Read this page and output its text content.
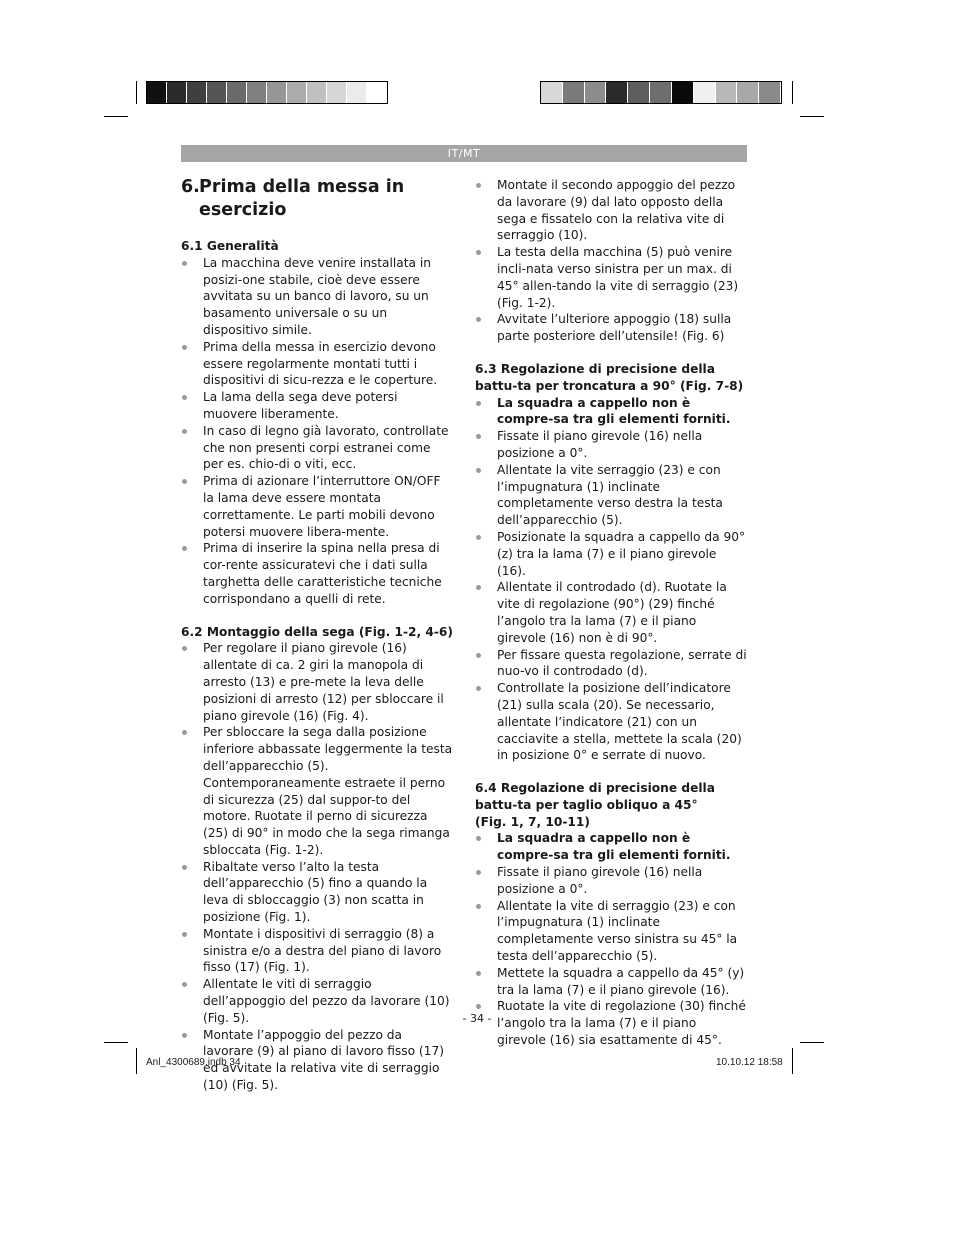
IT/MT
6. Prima della messa in esercizio
6.1 Generalità
La macchina deve venire installata in posizi-one stabile, cioè deve essere avvitata su un banco di lavoro, su un basamento universale o su un dispositivo simile.
Prima della messa in esercizio devono essere regolarmente montati tutti i dispositivi di sicu-rezza e le coperture.
La lama della sega deve potersi muovere liberamente.
In caso di legno già lavorato, controllate che non presenti corpi estranei come per es. chio-di o viti, ecc.
Prima di azionare l’interruttore ON/OFF la lama deve essere montata correttamente. Le parti mobili devono potersi muovere libera-mente.
Prima di inserire la spina nella presa di cor-rente assicuratevi che i dati sulla targhetta delle caratteristiche tecniche corrispondano a quelli di rete.
6.2 Montaggio della sega (Fig. 1-2, 4-6)
Per regolare il piano girevole (16) allentate di ca. 2 giri la manopola di arresto (13) e pre-mete la leva delle posizioni di arresto (12) per sbloccare il piano girevole (16) (Fig. 4).
Per sbloccare la sega dalla posizione inferiore abbassate leggermente la testa dell’apparecchio (5). Contemporaneamente estraete il perno di sicurezza (25) dal suppor-to del motore. Ruotate il perno di sicurezza (25) di 90° in modo che la sega rimanga sbloccata (Fig. 1-2).
Ribaltate verso l’alto la testa dell’apparecchio (5) fino a quando la leva di sbloccaggio (3) non scatta in posizione (Fig. 1).
Montate i dispositivi di serraggio (8) a sinistra e/o a destra del piano di lavoro fisso (17) (Fig. 1).
Allentate le viti di serraggio dell’appoggio del pezzo da lavorare (10) (Fig. 5).
Montate l’appoggio del pezzo da lavorare (9) al piano di lavoro fisso (17) ed avvitate la relativa vite di serraggio (10) (Fig. 5).
Montate il secondo appoggio del pezzo da lavorare (9) dal lato opposto della sega e fissatelo con la relativa vite di serraggio (10).
La testa della macchina (5) può venire incli-nata verso sinistra per un max. di 45° allen-tando la vite di serraggio (23) (Fig. 1-2).
Avvitate l’ulteriore appoggio (18) sulla parte posteriore dell’utensile! (Fig. 6)
6.3 Regolazione di precisione della battu-ta per troncatura a 90° (Fig. 7-8)
La squadra a cappello non è compre-sa tra gli elementi forniti.
Fissate il piano girevole (16) nella posizione a 0°.
Allentate la vite serraggio (23) e con l’impugnatura (1) inclinate completamente verso destra la testa dell’apparecchio (5).
Posizionate la squadra a cappello da 90° (z) tra la lama (7) e il piano girevole (16).
Allentate il controdado (d). Ruotate la vite di regolazione (90°) (29) finché l’angolo tra la lama (7) e il piano girevole (16) non è di 90°.
Per fissare questa regolazione, serrate di nuo-vo il controdado (d).
Controllate la posizione dell’indicatore (21) sulla scala (20). Se necessario, allentate l’indicatore (21) con un cacciavite a stella, mettete la scala (20) in posizione 0° e serrate di nuovo.
6.4 Regolazione di precisione della battu-ta per taglio obliquo a 45°
(Fig. 1, 7, 10-11)
La squadra a cappello non è compre-sa tra gli elementi forniti.
Fissate il piano girevole (16) nella posizione a 0°.
Allentate la vite di serraggio (23) e con l’impugnatura (1) inclinate completamente verso sinistra su 45° la testa dell’apparecchio (5).
Mettete la squadra a cappello da 45° (y) tra la lama (7) e il piano girevole (16).
Ruotate la vite di regolazione (30) finché l’angolo tra la lama (7) e il piano girevole (16) sia esattamente di 45°.
- 34 -
Anl_4300689.indb 34	10.10.12 18:58
